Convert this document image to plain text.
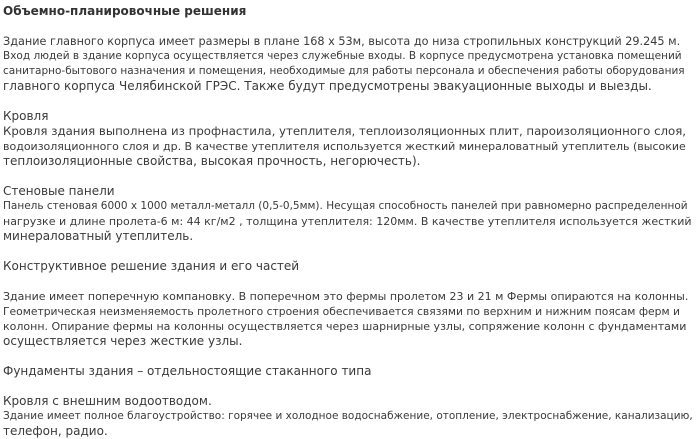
Объемно-планировочные решения
Здание главного корпуса имеет размеры в плане 168 х 53м, высота до низа стропильных конструкций 29.245 м.
Вход людей в здание корпуса осуществляется через служебные входы. В корпусе предусмотрена установка помещений
санитарно-бытового назначения и помещения, необходимые для работы персонала и обеспечения работы оборудования
главного корпуса Челябинской ГРЭС. Также будут предусмотрены эвакуационные выходы и выезды.
Кровля
Кровля здания выполнена из профнастила, утеплителя, теплоизоляционных плит, пароизоляционного слоя,
водоизоляционного слоя и др. В качестве утеплителя используется жесткий минераловатный утеплитель (высокие
теплоизоляционные свойства, высокая прочность, негорючесть).
Стеновые панели
Панель стеновая 6000 х 1000 металл-металл (0,5-0,5мм). Несущая способность панелей при равномерно распределенной
нагрузке и длине пролета-6 м: 44 кг/м2 , толщина утеплителя: 120мм. В качестве утеплителя используется жесткий
минераловатный утеплитель.
Конструктивное решение здания и его частей
Здание имеет поперечную компановку. В поперечном это фермы пролетом 23 и 21 м Фермы опираются на колонны.
Геометрическая неизменяемость пролетного строения обеспечивается связями по верхним и нижним поясам ферм и
колонн. Опирание фермы на колонны осуществляется через шарнирные узлы, сопряжение колонн с фундаментами
осуществляется через жесткие узлы.
Фундаменты здания – отдельностоящие стаканного типа
Кровля с внешним водоотводом.
Здание имеет полное благоустройство: горячее и холодное водоснабжение, отопление, электроснабжение, канализацию,
телефон, радио.
